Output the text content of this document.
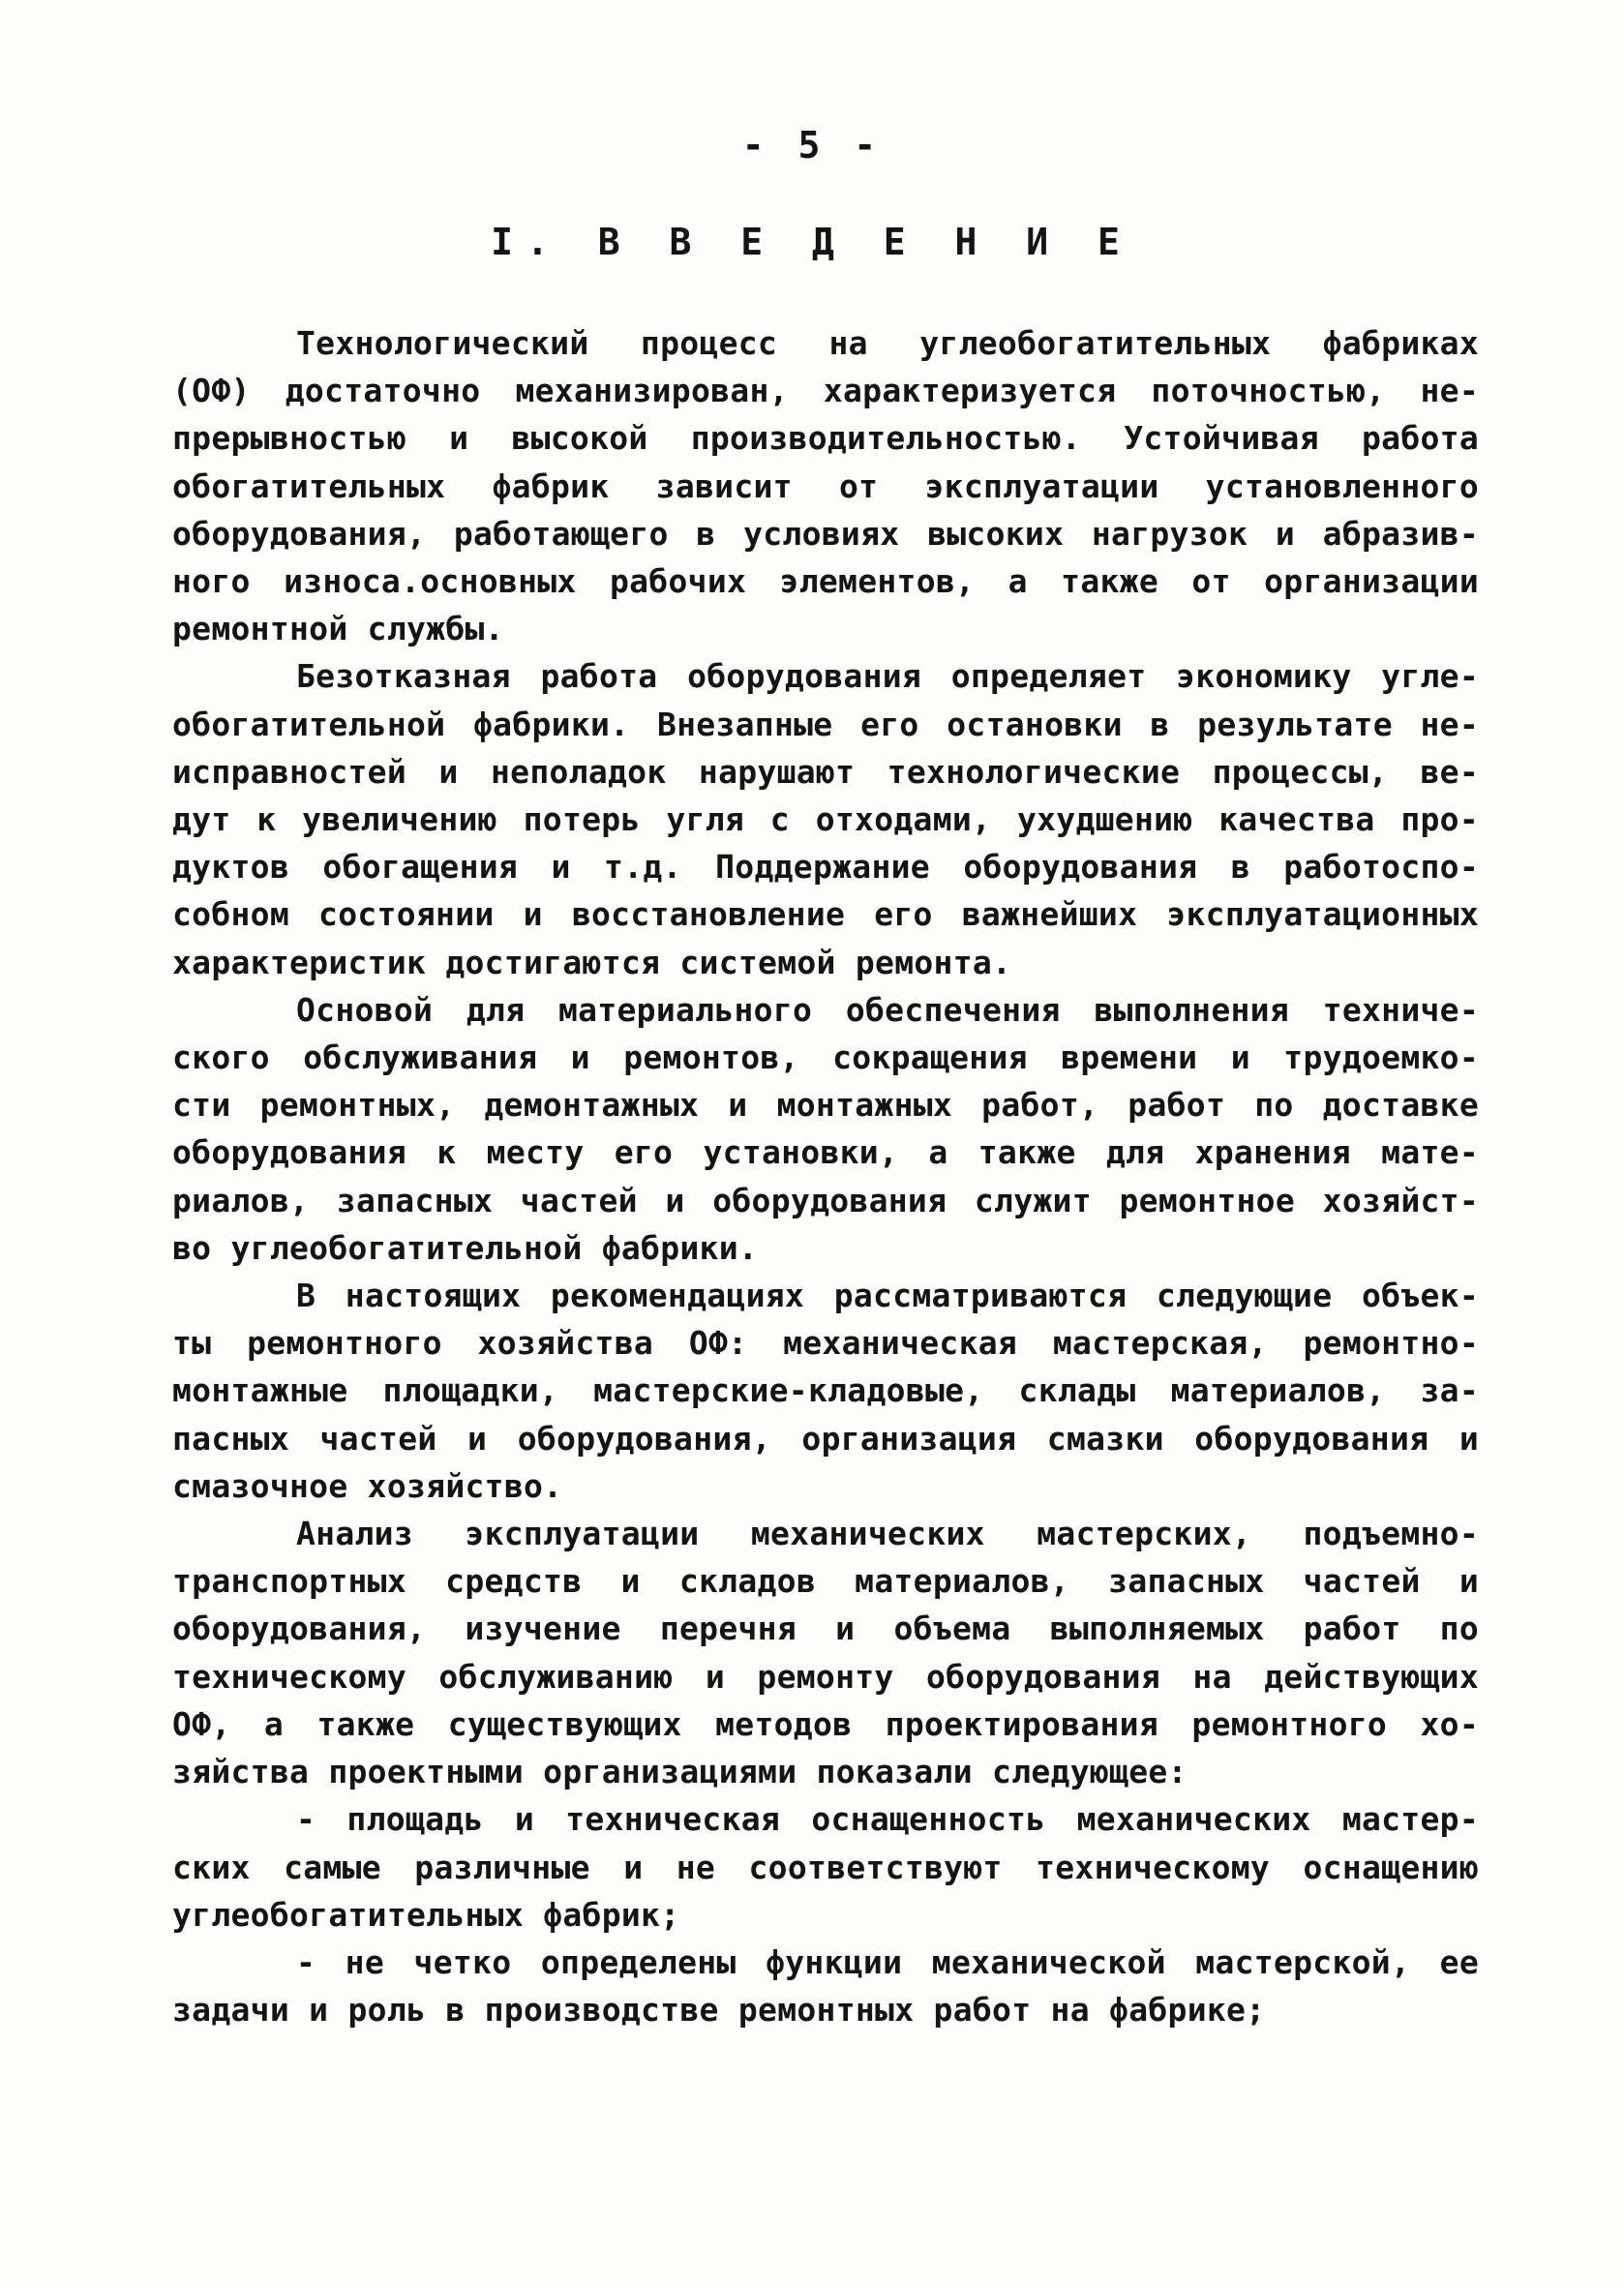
- 5 -
I. В В Е Д Е Н И Е
Технологический процесс на углеобогатительных фабриках
(ОФ) достаточно механизирован, характеризуется поточностью, не-
прерывностью и высокой производительностью. Устойчивая работа
обогатительных фабрик зависит от эксплуатации установленного
оборудования, работающего в условиях высоких нагрузок и абразив-
ного износа.основных рабочих элементов, а также от организации
ремонтной службы.
Безотказная работа оборудования определяет экономику угле-
обогатительной фабрики. Внезапные его остановки в результате не-
исправностей и неполадок нарушают технологические процессы, ве-
дут к увеличению потерь угля с отходами, ухудшению качества про-
дуктов обогащения и т.д. Поддержание оборудования в работоспо-
собном состоянии и восстановление его важнейших эксплуатационных
характеристик достигаются системой ремонта.
Основой для материального обеспечения выполнения техниче-
ского обслуживания и ремонтов, сокращения времени и трудоемко-
сти ремонтных, демонтажных и монтажных работ, работ по доставке
оборудования к месту его установки, а также для хранения мате-
риалов, запасных частей и оборудования служит ремонтное хозяйст-
во углеобогатительной фабрики.
В настоящих рекомендациях рассматриваются следующие объек-
ты ремонтного хозяйства ОФ: механическая мастерская, ремонтно-
монтажные площадки, мастерские-кладовые, склады материалов, за-
пасных частей и оборудования, организация смазки оборудования и
смазочное хозяйство.
Анализ эксплуатации механических мастерских, подъемно-
транспортных средств и складов материалов, запасных частей и
оборудования, изучение перечня и объема выполняемых работ по
техническому обслуживанию и ремонту оборудования на действующих
ОФ, а также существующих методов проектирования ремонтного хо-
зяйства проектными организациями показали следующее:
- площадь и техническая оснащенность механических мастер-
ских самые различные и не соответствуют техническому оснащению
углеобогатительных фабрик;
- не четко определены функции механической мастерской, ее
задачи и роль в производстве ремонтных работ на фабрике;
